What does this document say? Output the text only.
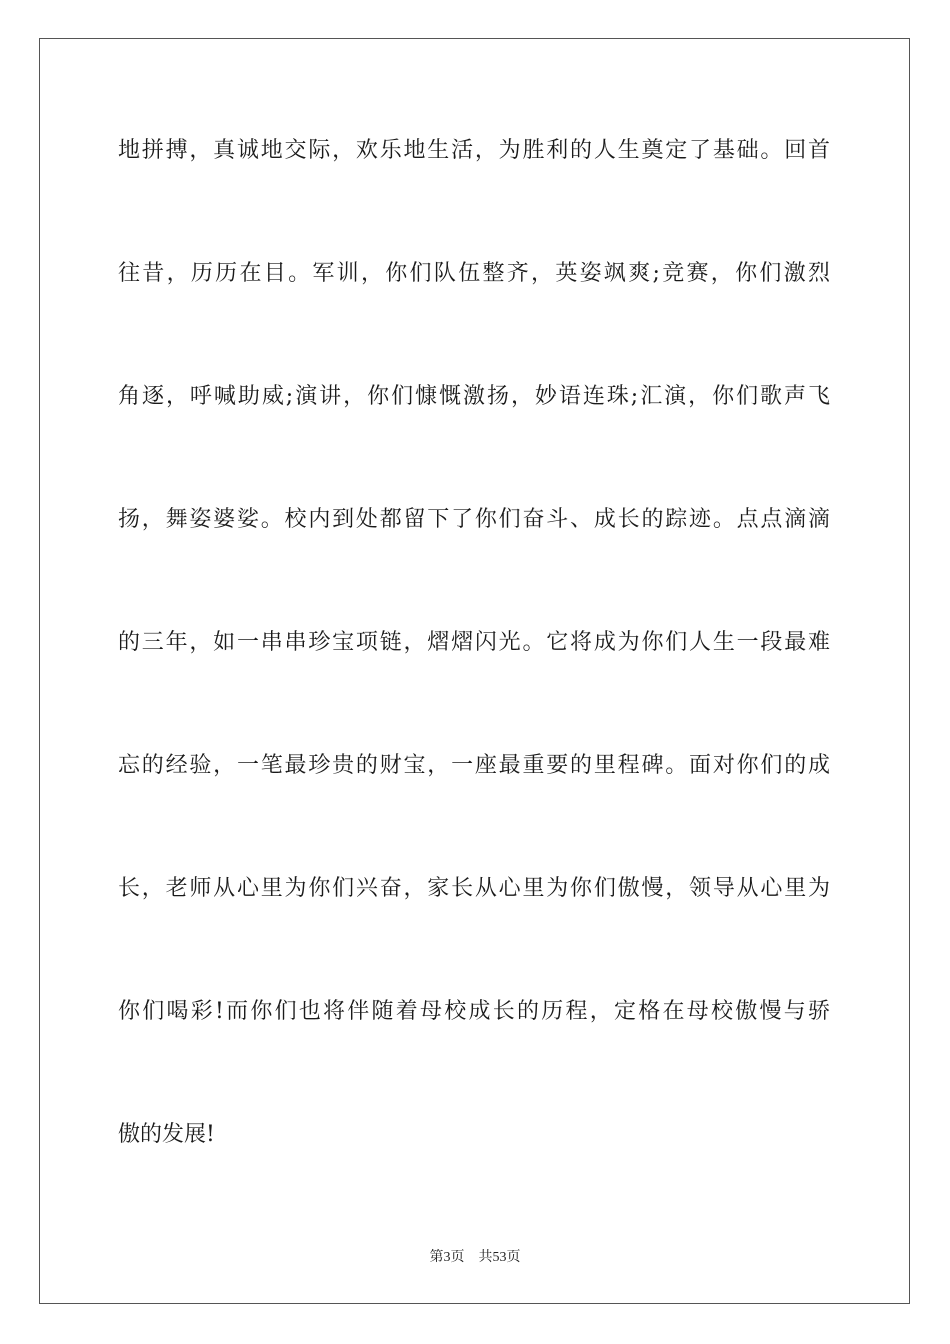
地拼搏，真诚地交际，欢乐地生活，为胜利的人生奠定了基础。回首
往昔，历历在目。军训，你们队伍整齐，英姿飒爽;竞赛，你们激烈
角逐，呼喊助威;演讲，你们慷慨激扬，妙语连珠;汇演，你们歌声飞
扬，舞姿婆娑。校内到处都留下了你们奋斗、成长的踪迹。点点滴滴
的三年，如一串串珍宝项链，熠熠闪光。它将成为你们人生一段最难
忘的经验，一笔最珍贵的财宝，一座最重要的里程碑。面对你们的成
长，老师从心里为你们兴奋，家长从心里为你们傲慢，领导从心里为
你们喝彩!而你们也将伴随着母校成长的历程，定格在母校傲慢与骄
傲的发展!
第3页 共53页
